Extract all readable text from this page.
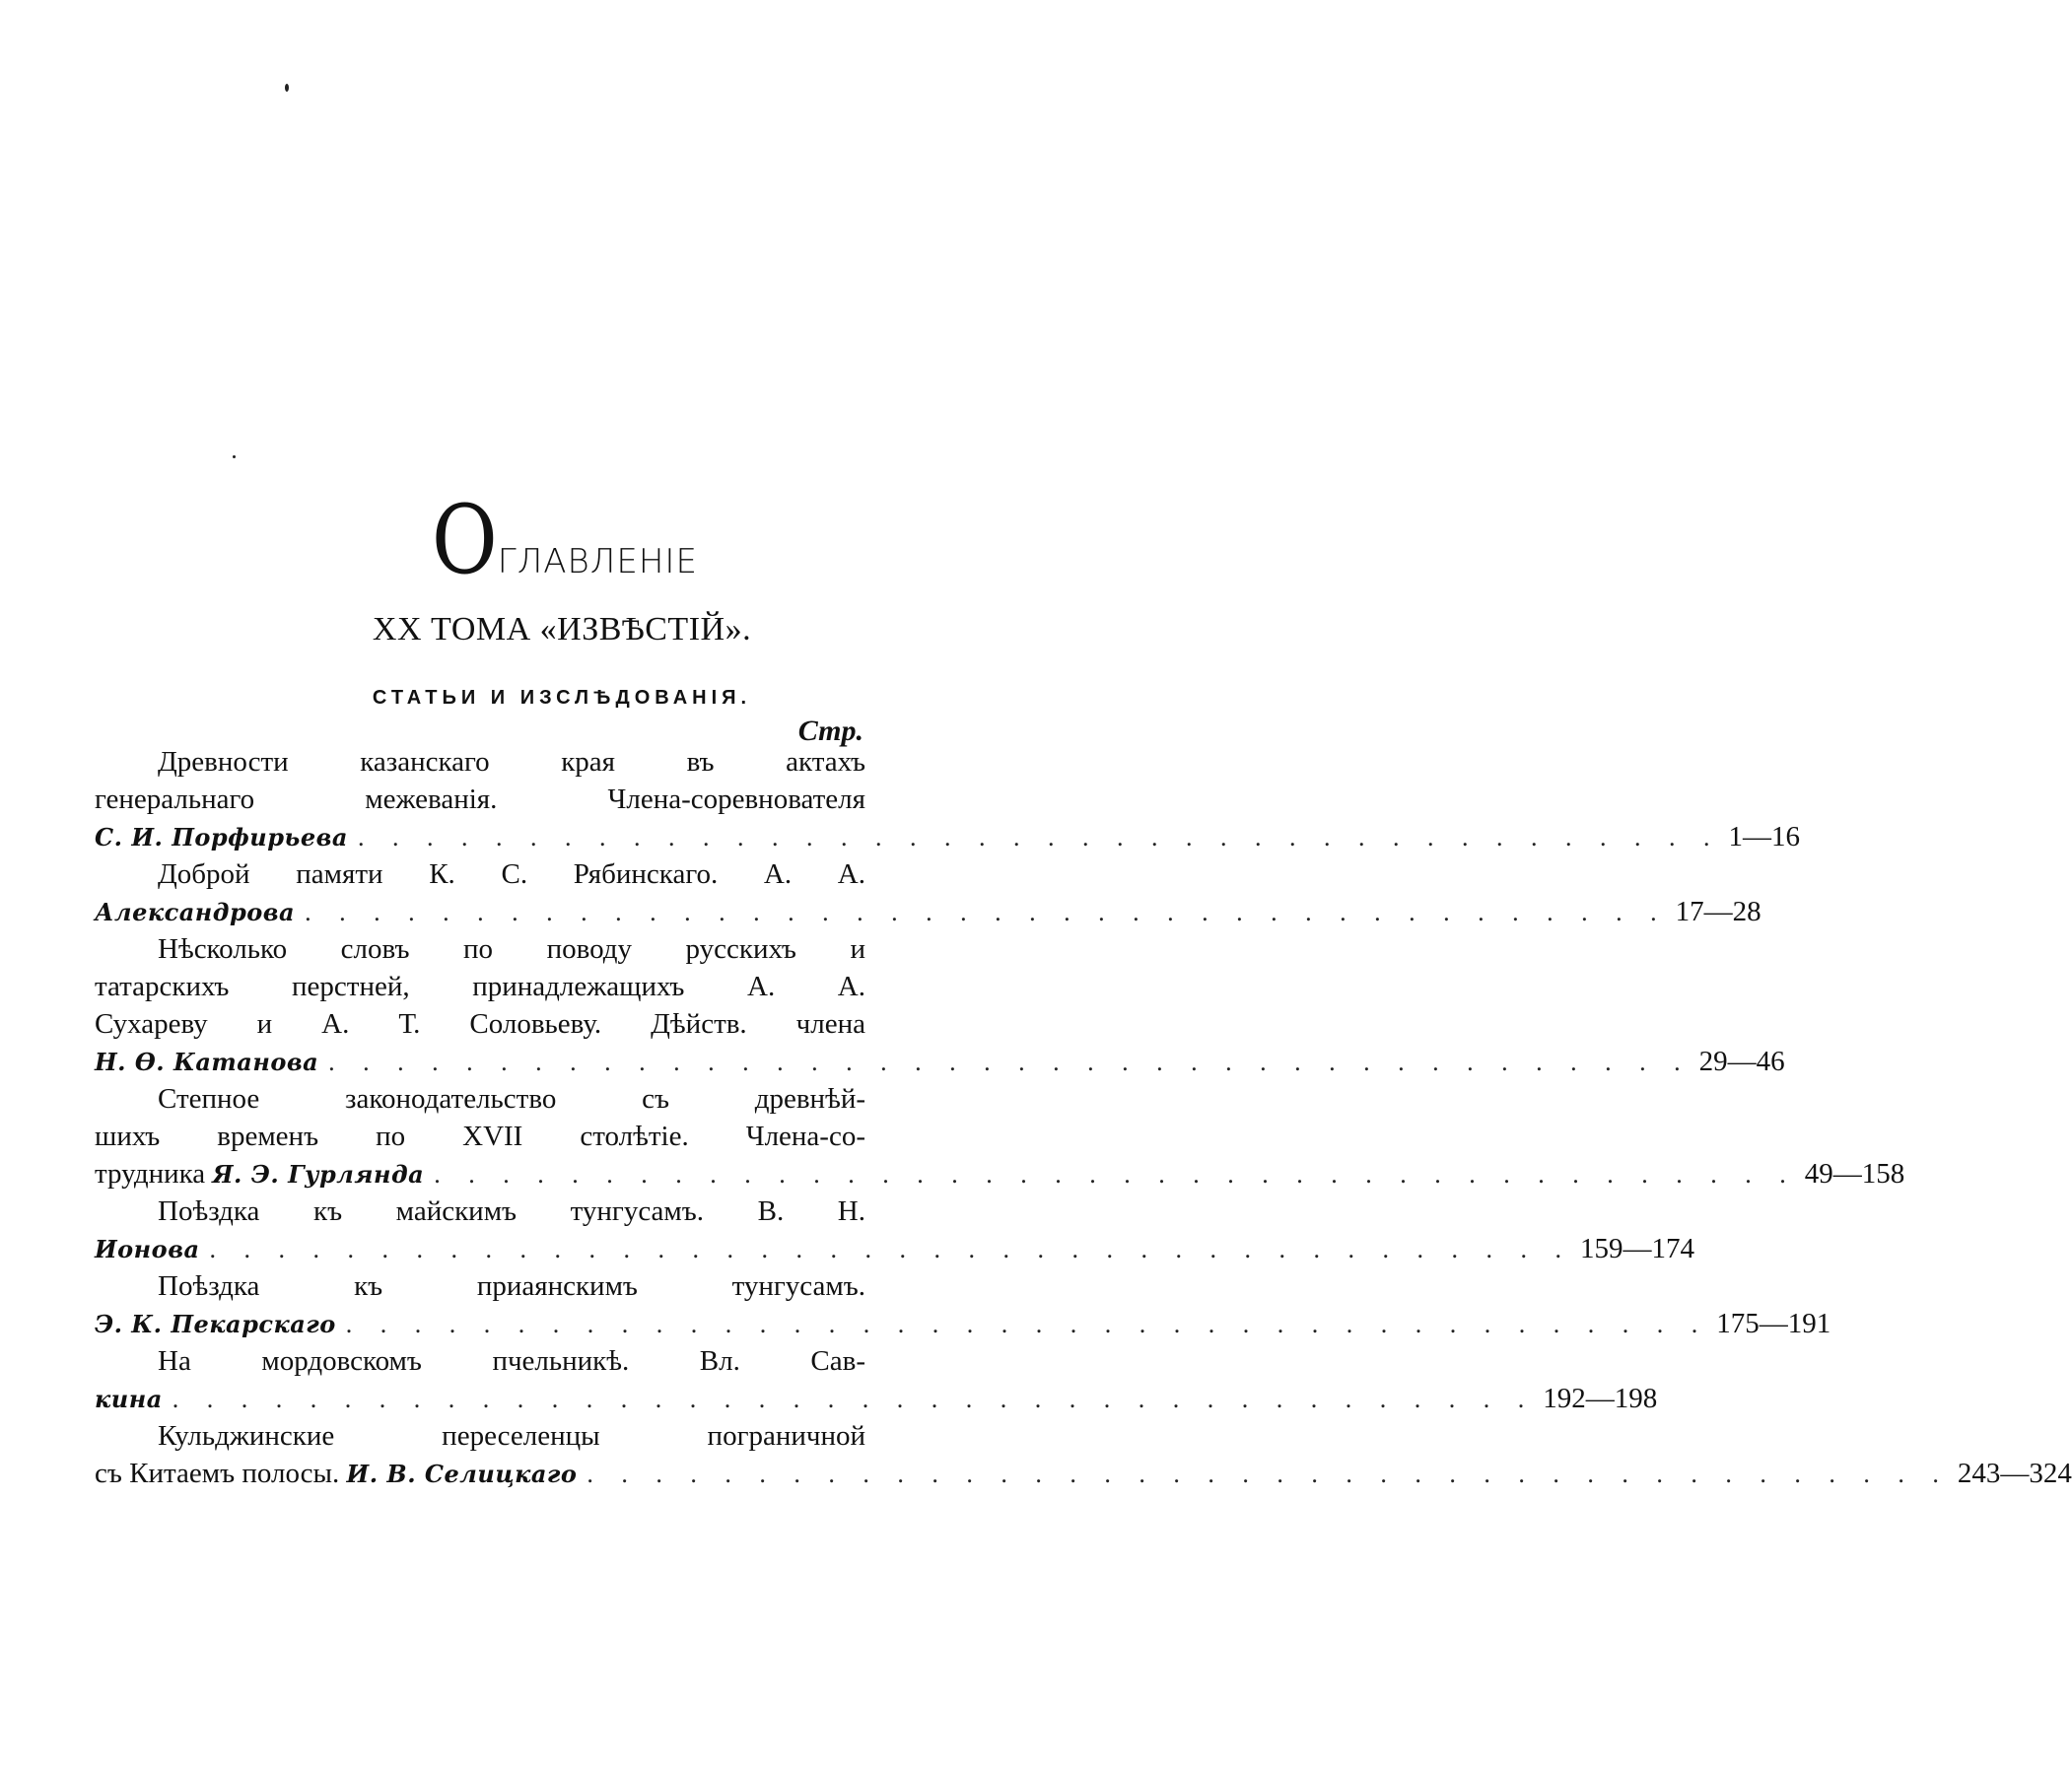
ОГЛАВЛЕНІЕ
XX ТОМА «ИЗВѢСТІЙ».
СТАТЬИ И ИЗСЛѢДОВАНІЯ.
Стр.
Древности казанскаго края въ актахъ
генеральнаго межеванія. Члена-соревнователя
С. И. Порфирьева . . . . . . . . . . . . . . . . . . . . . . . . . . . . . . . . . . . . . . . . 1—16
Доброй памяти К. С. Рябинскаго. А. А.
Александрова . . . . . . . . . . . . . . . . . . . . . . . . . . . . . . . . . . . . . . . . 17—28
Нѣсколько словъ по поводу русскихъ и
татарскихъ перстней, принадлежащихъ А. А.
Сухареву и А. Т. Соловьеву. Дѣйств. члена
Н. Ѳ. Катанова . . . . . . . . . . . . . . . . . . . . . . . . . . . . . . . . . . . . . . . . 29—46
Степное законодательство съ древнѣй-
шихъ временъ по XVII столѣтіе. Члена-со-
трудника Я. Э. Гурлянда . . . . . . . . . . . . . . . . . . . . . . . . . . . . . . . . . . . . . . . . 49—158
Поѣздка къ майскимъ тунгусамъ. В. Н.
Ионова . . . . . . . . . . . . . . . . . . . . . . . . . . . . . . . . . . . . . . . . 159—174
Поѣздка къ приаянскимъ тунгусамъ.
Э. К. Пекарскаго . . . . . . . . . . . . . . . . . . . . . . . . . . . . . . . . . . . . . . . . 175—191
На мордовскомъ пчельникѣ. Вл. Сав-
кина . . . . . . . . . . . . . . . . . . . . . . . . . . . . . . . . . . . . . . . . 192—198
Кульджинские переселенцы пограничной
съ Китаемъ полосы. И. В. Селицкаго . . . . . . . . . . . . . . . . . . . . . . . . . . . . . . . . . . . . . . . . 243—324
